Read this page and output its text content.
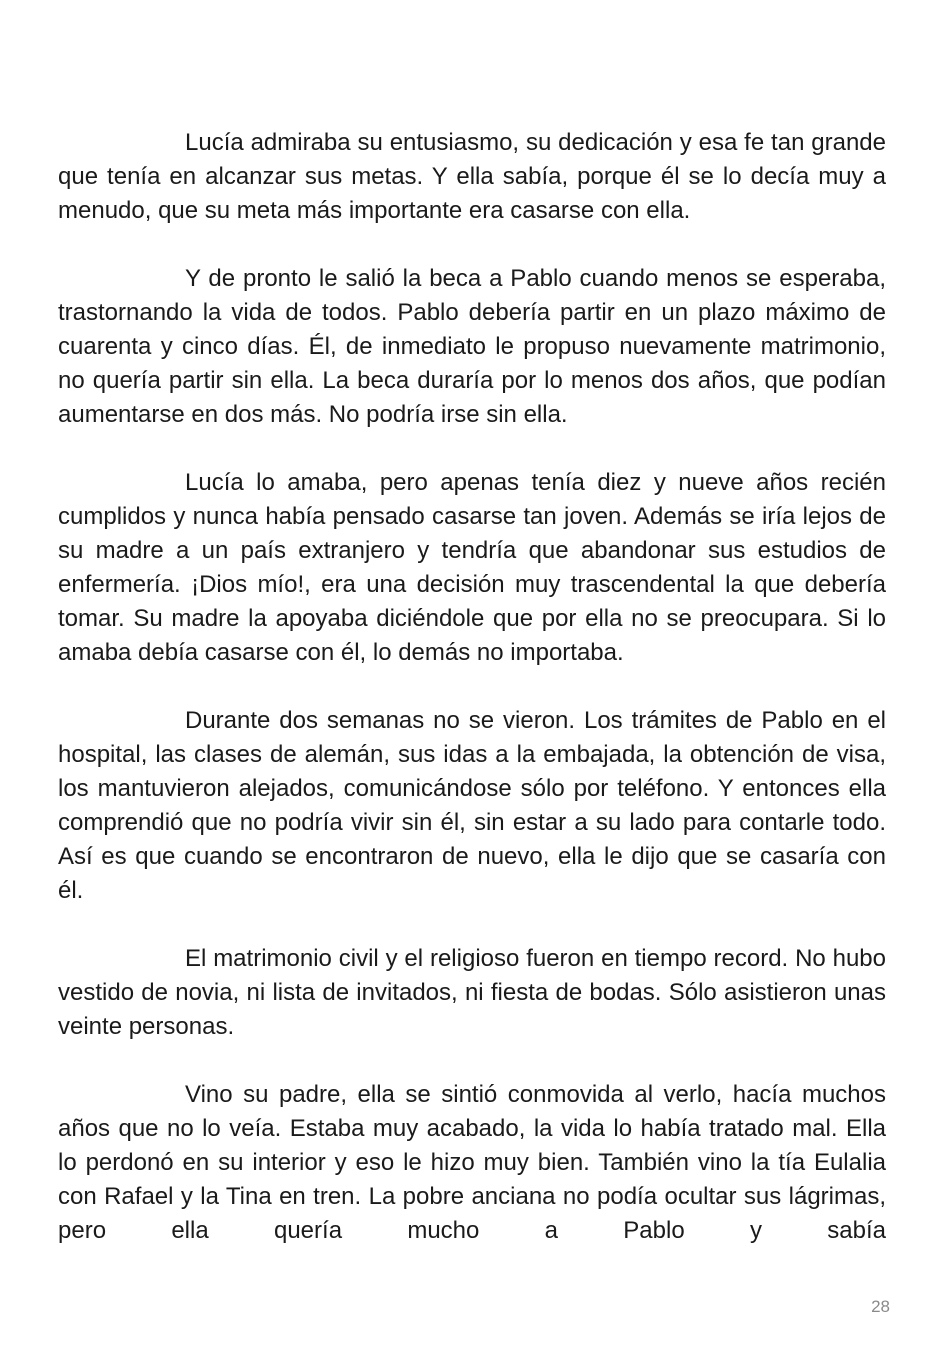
Lucía admiraba su entusiasmo, su dedicación y esa fe tan grande que tenía en alcanzar sus metas. Y ella sabía, porque él se lo decía muy a menudo, que su meta más importante era casarse con ella.

Y de pronto le salió la beca a Pablo cuando menos se esperaba, trastornando la vida de todos. Pablo debería partir en un plazo máximo de cuarenta y cinco días. Él, de inmediato le propuso nuevamente matrimonio, no quería partir sin ella. La beca duraría por lo menos dos años, que podían aumentarse en dos más. No podría irse sin ella.

Lucía lo amaba, pero apenas tenía diez y nueve años recién cumplidos y nunca había pensado casarse tan joven. Además se iría lejos de su madre a un país extranjero y tendría que abandonar sus estudios de enfermería. ¡Dios mío!, era una decisión muy trascendental la que debería tomar. Su madre la apoyaba diciéndole que por ella no se preocupara. Si lo amaba debía casarse con él, lo demás no importaba.

Durante dos semanas no se vieron. Los trámites de Pablo en el hospital, las clases de alemán, sus idas a la embajada, la obtención de visa, los mantuvieron alejados, comunicándose sólo por teléfono. Y entonces ella comprendió que no podría vivir sin él, sin estar a su lado para contarle todo. Así es que cuando se encontraron de nuevo, ella le dijo que se casaría con él.

El matrimonio civil y el religioso fueron en tiempo record. No hubo vestido de novia, ni lista de invitados, ni fiesta de bodas. Sólo asistieron unas veinte personas.

Vino su padre, ella se sintió conmovida al verlo, hacía muchos años que no lo veía. Estaba muy acabado, la vida lo había tratado mal. Ella lo perdonó en su interior y eso le hizo muy bien. También vino la tía Eulalia con Rafael y la Tina en tren. La pobre anciana no podía ocultar sus lágrimas, pero ella quería mucho a Pablo y sabía

28
